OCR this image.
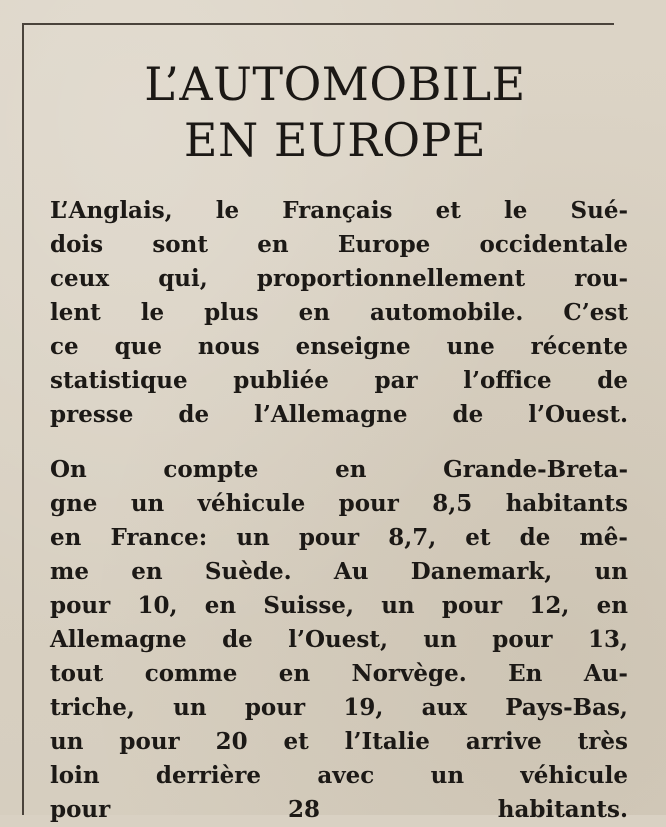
L’AUTOMOBILE
EN EUROPE
L’Anglais, le Français et le Sué-
dois sont en Europe occidentale
ceux qui, proportionnellement rou-
lent le plus en automobile. C’est
ce que nous enseigne une récente
statistique publiée par l’office de
presse de l’Allemagne de l’Ouest.
On	compte	en	Grande-Breta-
gne un véhicule pour 8,5 habitants
en France: un pour 8,7, et de mê-
me en Suède. Au Danemark, un
pour 10, en Suisse, un pour 12, en
Allemagne de l’Ouest, un pour 13,
tout comme en Norvège. En Au-
triche, un pour 19, aux Pays-Bas,
un pour 20 et l’Italie arrive très
loin derrière avec un véhicule
pour 28 habitants.
